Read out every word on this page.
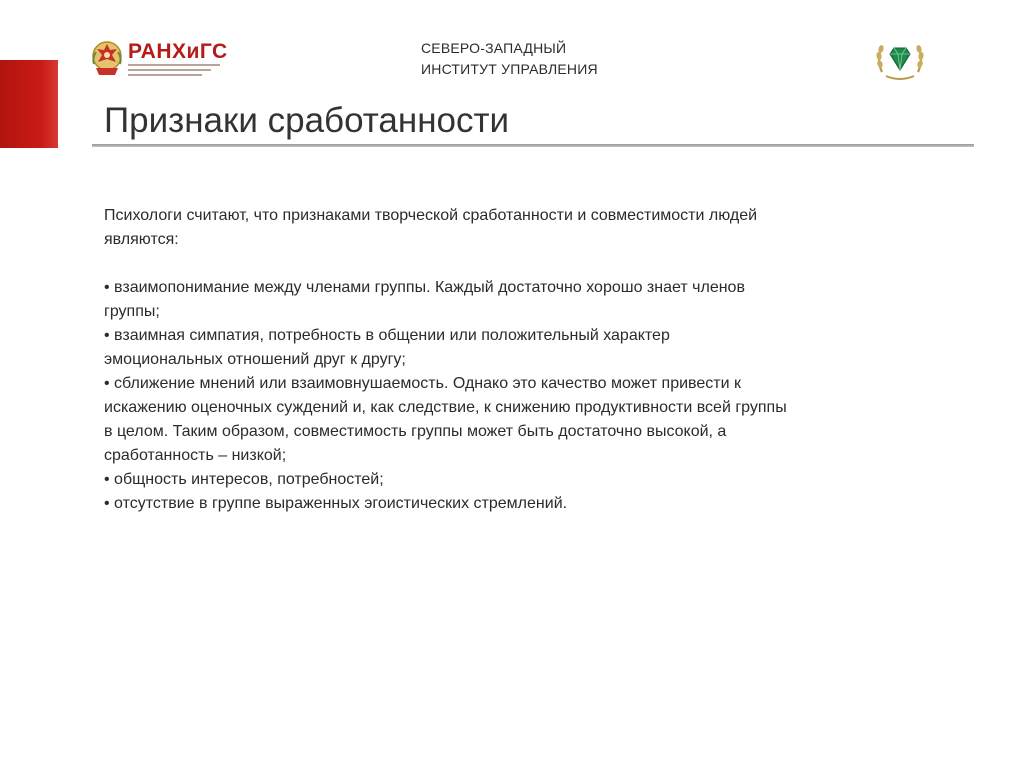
РАНХиГС	СЕВЕРО-ЗАПАДНЫЙ
ИНСТИТУТ УПРАВЛЕНИЯ
Признаки сработанности

Психологи считают, что признаками творческой сработанности и совместимости людей

являются:

• взаимопонимание между членами группы. Каждый достаточно хорошо знает членов

группы;

• взаимная симпатия, потребность в общении или положительный характер

эмоциональных отношений друг к другу;

• сближение мнений или взаимовнушаемость. Однако это качество может привести к

искажению оценочных суждений и, как следствие, к снижению продуктивности всей группы

в целом. Таким образом, совместимость группы может быть достаточно высокой, а

сработанность – низкой;

• общность интересов, потребностей;

• отсутствие в группе выраженных эгоистических стремлений.
